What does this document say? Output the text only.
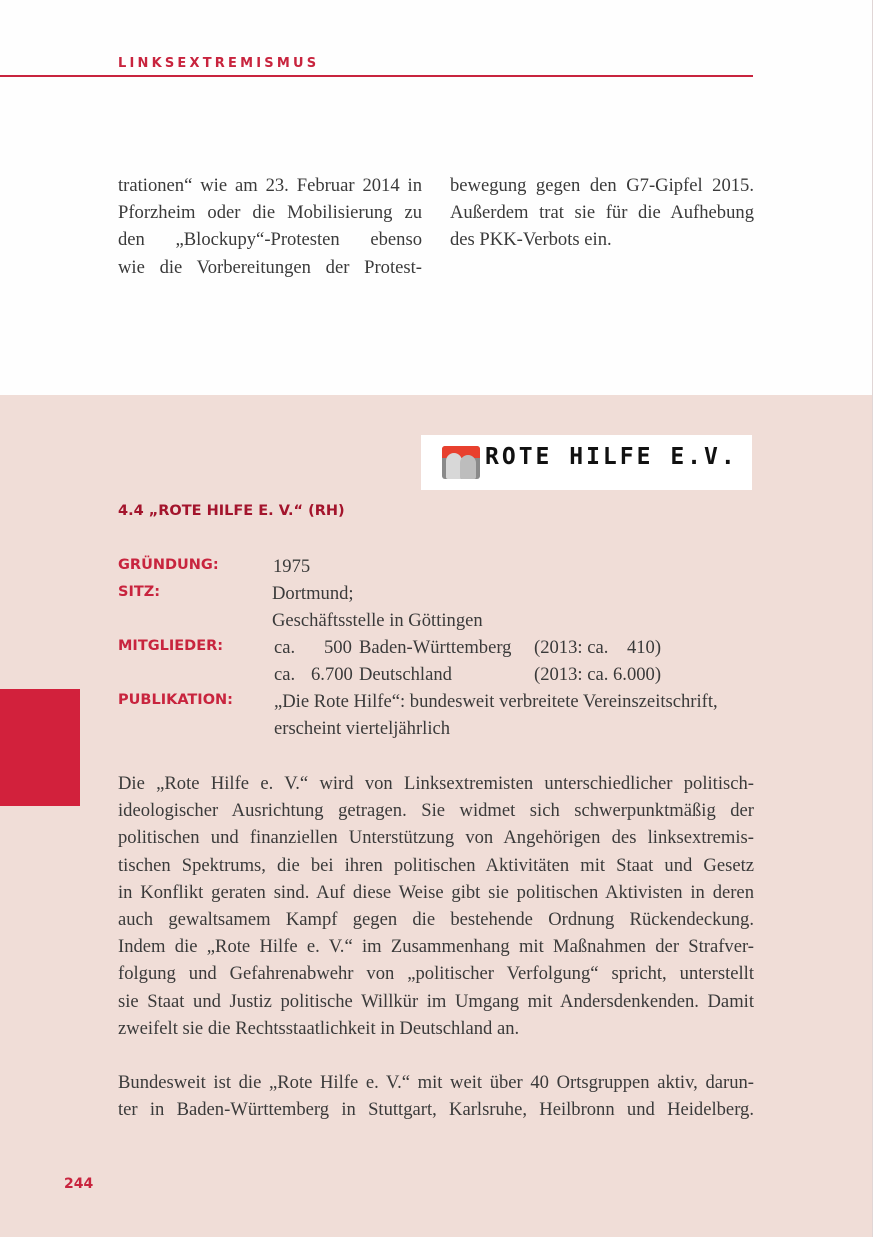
LINKSEXTREMISMUS
trationen“ wie am 23. Februar 2014 in
Pforzheim oder die Mobilisierung zu
den „Blockupy“-Protesten ebenso
wie die Vorbereitungen der Protest-
bewegung gegen den G7-Gipfel 2015.
Außerdem trat sie für die Aufhebung
des PKK-Verbots ein.
ROTE HILFE E.V.
4.4 „ROTE HILFE E. V.“ (RH)
GRÜNDUNG:	1975
SITZ:	Dortmund;
Geschäftsstelle in Göttingen
MITGLIEDER:	ca. 500 Baden-Württemberg (2013: ca.    410)
ca. 6.700 Deutschland	(2013: ca. 6.000)
PUBLIKATION: „Die Rote Hilfe“: bundesweit verbreitete Vereinszeitschrift,
erscheint vierteljährlich
Die „Rote Hilfe e. V.“ wird von Linksextremisten unterschiedlicher politisch-
ideologischer Ausrichtung getragen. Sie widmet sich schwerpunktmäßig der
politischen und finanziellen Unterstützung von Angehörigen des linksextremis-
tischen Spektrums, die bei ihren politischen Aktivitäten mit Staat und Gesetz
in Konflikt geraten sind. Auf diese Weise gibt sie politischen Aktivisten in deren
auch gewaltsamem Kampf gegen die bestehende Ordnung Rückendeckung.
Indem die „Rote Hilfe e. V.“ im Zusammenhang mit Maßnahmen der Strafver-
folgung und Gefahrenabwehr von „politischer Verfolgung“ spricht, unterstellt
sie Staat und Justiz politische Willkür im Umgang mit Andersdenkenden. Damit
zweifelt sie die Rechtsstaatlichkeit in Deutschland an.
Bundesweit ist die „Rote Hilfe e. V.“ mit weit über 40 Ortsgruppen aktiv, darun-
ter in Baden-Württemberg in Stuttgart, Karlsruhe, Heilbronn und Heidelberg.
244
